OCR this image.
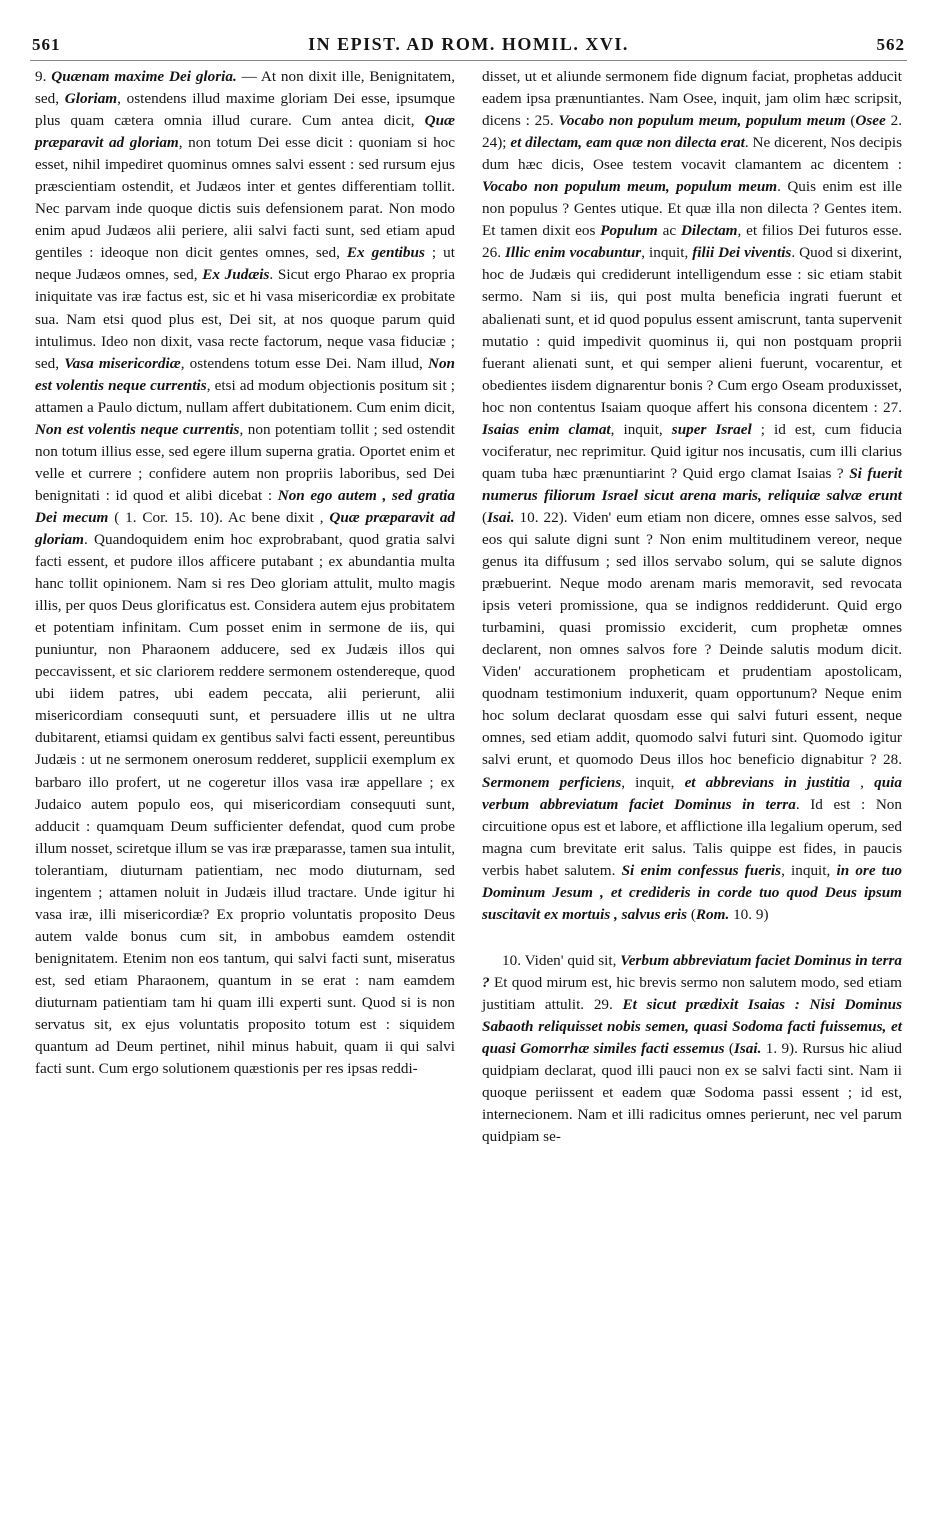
561	IN EPIST. AD ROM. HOMIL. XVI.	562

9. Quænam maxime Dei gloria. — At non dixit ille, Benignitatem, sed, Gloriam, ostendens illud maxime gloriam Dei esse, ipsumque plus quam cætera omnia illud curare. Cum antea dicit, Quæ præparavit ad gloriam, non totum Dei esse dicit : quoniam si hoc esset, nihil impediret quominus omnes salvi essent : sed rursum ejus præscientiam ostendit, et Judæos inter et gentes differentiam tollit. Nec parvam inde quoque dictis suis defensionem parat. Non modo enim apud Judæos alii periere, alii salvi facti sunt, sed etiam apud gentiles : ideoque non dicit gentes omnes, sed, Ex gentibus ; ut neque Judæos omnes, sed, Ex Judæis. Sicut ergo Pharao ex propria iniquitate vas iræ factus est, sic et hi vasa misericordiæ ex probitate sua. Nam etsi quod plus est, Dei sit, at nos quoque parum quid intulimus. Ideo non dixit, vasa recte factorum, neque vasa fiduciæ ; sed, Vasa misericordiæ, ostendens totum esse Dei. Nam illud, Non est volentis neque currentis, etsi ad modum objectionis positum sit ; attamen a Paulo dictum, nullam affert dubitationem. Cum enim dicit, Non est volentis neque currentis, non potentiam tollit ; sed ostendit non totum illius esse, sed egere illum superna gratia. Oportet enim et velle et currere ; confidere autem non propriis laboribus, sed Dei benignitati : id quod et alibi dicebat : Non ego autem , sed gratia Dei mecum ( 1. Cor. 15. 10). Ac bene dixit , Quæ præparavit ad gloriam. Quandoquidem enim hoc exprobrabant, quod gratia salvi facti essent, et pudore illos afficere putabant ; ex abundantia multa hanc tollit opinionem. Nam si res Deo gloriam attulit, multo magis illis, per quos Deus glorificatus est. Considera autem ejus probitatem et potentiam infinitam. Cum posset enim in sermone de iis, qui puniuntur, non Pharaonem adducere, sed ex Judæis illos qui peccavissent, et sic clariorem reddere sermonem ostendereque, quod ubi iidem patres, ubi eadem peccata, alii perierunt, alii misericordiam consequuti sunt, et persuadere illis ut ne ultra dubitarent, etiamsi quidam ex gentibus salvi facti essent, pereuntibus Judæis : ut ne sermonem onerosum redderet, supplicii exemplum ex barbaro illo profert, ut ne cogeretur illos vasa iræ appellare ; ex Judaico autem populo eos, qui misericordiam consequuti sunt, adducit : quamquam Deum sufficienter defendat, quod cum probe illum nosset, sciretque illum se vas iræ præparasse, tamen sua intulit, tolerantiam, diuturnam patientiam, nec modo diuturnam, sed ingentem ; attamen noluit in Judæis illud tractare. Unde igitur hi vasa iræ, illi misericordiæ? Ex proprio voluntatis proposito Deus autem valde bonus cum sit, in ambobus eamdem ostendit benignitatem. Etenim non eos tantum, qui salvi facti sunt, miseratus est, sed etiam Pharaonem, quantum in se erat : nam eamdem diuturnam patientiam tam hi quam illi experti sunt. Quod si is non servatus sit, ex ejus voluntatis proposito totum est : siquidem quantum ad Deum pertinet, nihil minus habuit, quam ii qui salvi facti sunt. Cum ergo solutionem quæstionis per res ipsas reddi-

disset, ut et aliunde sermonem fide dignum faciat, prophetas adducit eadem ipsa prænuntiantes. Nam Osee, inquit, jam olim hæc scripsit, dicens : 25. Vocabo non populum meum, populum meum (Osee 2. 24); et dilectam, eam quæ non dilecta erat. Ne dicerent, Nos decipis dum hæc dicis, Osee testem vocavit clamantem ac dicentem : Vocabo non populum meum, populum meum. Quis enim est ille non populus ? Gentes utique. Et quæ illa non dilecta ? Gentes item. Et tamen dixit eos Populum ac Dilectam, et filios Dei futuros esse. 26. Illic enim vocabuntur, inquit, filii Dei viventis. Quod si dixerint, hoc de Judæis qui crediderunt intelligendum esse : sic etiam stabit sermo. Nam si iis, qui post multa beneficia ingrati fuerunt et abalienati sunt, et id quod populus essent amiscrunt, tanta supervenit mutatio : quid impedivit quominus ii, qui non postquam proprii fuerant alienati sunt, et qui semper alieni fuerunt, vocarentur, et obedientes iisdem dignarentur bonis ? Cum ergo Oseam produxisset, hoc non contentus Isaiam quoque affert his consona dicentem : 27. Isaias enim clamat, inquit, super Israel ; id est, cum fiducia vociferatur, nec reprimitur. Quid igitur nos incusatis, cum illi clarius quam tuba hæc prænuntiarint ? Quid ergo clamat Isaias ? Si fuerit numerus filiorum Israel sicut arena maris, reliquiæ salvæ erunt (Isai. 10. 22). Viden' eum etiam non dicere, omnes esse salvos, sed eos qui salute digni sunt ? Non enim multitudinem vereor, neque genus ita diffusum ; sed illos servabo solum, qui se salute dignos præbuerint. Neque modo arenam maris memoravit, sed revocata ipsis veteri promissione, qua se indignos reddiderunt. Quid ergo turbamini, quasi promissio exciderit, cum prophetæ omnes declarent, non omnes salvos fore ? Deinde salutis modum dicit. Viden' accurationem propheticam et prudentiam apostolicam, quodnam testimonium induxerit, quam opportunum? Neque enim hoc solum declarat quosdam esse qui salvi futuri essent, neque omnes, sed etiam addit, quomodo salvi futuri sint. Quomodo igitur salvi erunt, et quomodo Deus illos hoc beneficio dignabitur ? 28. Sermonem perficiens, inquit, et abbrevians in justitia , quia verbum abbreviatum faciet Dominus in terra. Id est : Non circuitione opus est et labore, et afflictione illa legalium operum, sed magna cum brevitate erit salus. Talis quippe est fides, in paucis verbis habet salutem. Si enim confessus fueris, inquit, in ore tuo Dominum Jesum , et credideris in corde tuo quod Deus ipsum suscitavit ex mortuis , salvus eris (Rom. 10. 9)

10. Viden' quid sit, Verbum abbreviatum faciet Dominus in terra ? Et quod mirum est, hic brevis sermo non salutem modo, sed etiam justitiam attulit. 29. Et sicut prædixit Isaias : Nisi Dominus Sabaoth reliquisset nobis semen, quasi Sodoma facti fuissemus, et quasi Gomorrhæ similes facti essemus (Isai. 1. 9). Rursus hic aliud quidpiam declarat, quod illi pauci non ex se salvi facti sint. Nam ii quoque periissent et eadem quæ Sodoma passi essent ; id est, internecionem. Nam et illi radicitus omnes perierunt, nec vel parum quidpiam se-
